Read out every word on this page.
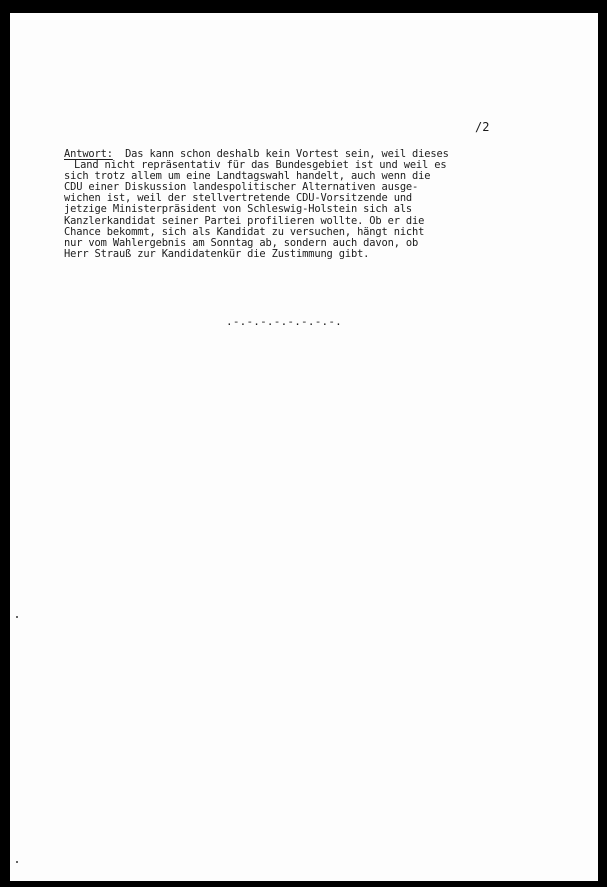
/2
Antwort:  Das kann schon deshalb kein Vortest sein, weil dieses
Land nicht repräsentativ für das Bundesgebiet ist und weil es
sich trotz allem um eine Landtagswahl handelt, auch wenn die
CDU einer Diskussion landespolitischer Alternativen ausge-
wichen ist, weil der stellvertretende CDU-Vorsitzende und
jetzige Ministerpräsident von Schleswig-Holstein sich als
Kanzlerkandidat seiner Partei profilieren wollte. Ob er die
Chance bekommt, sich als Kandidat zu versuchen, hängt nicht
nur vom Wahlergebnis am Sonntag ab, sondern auch davon, ob
Herr Strauß zur Kandidatenkür die Zustimmung gibt.
.-.-.-.-.-.-.-.-.
